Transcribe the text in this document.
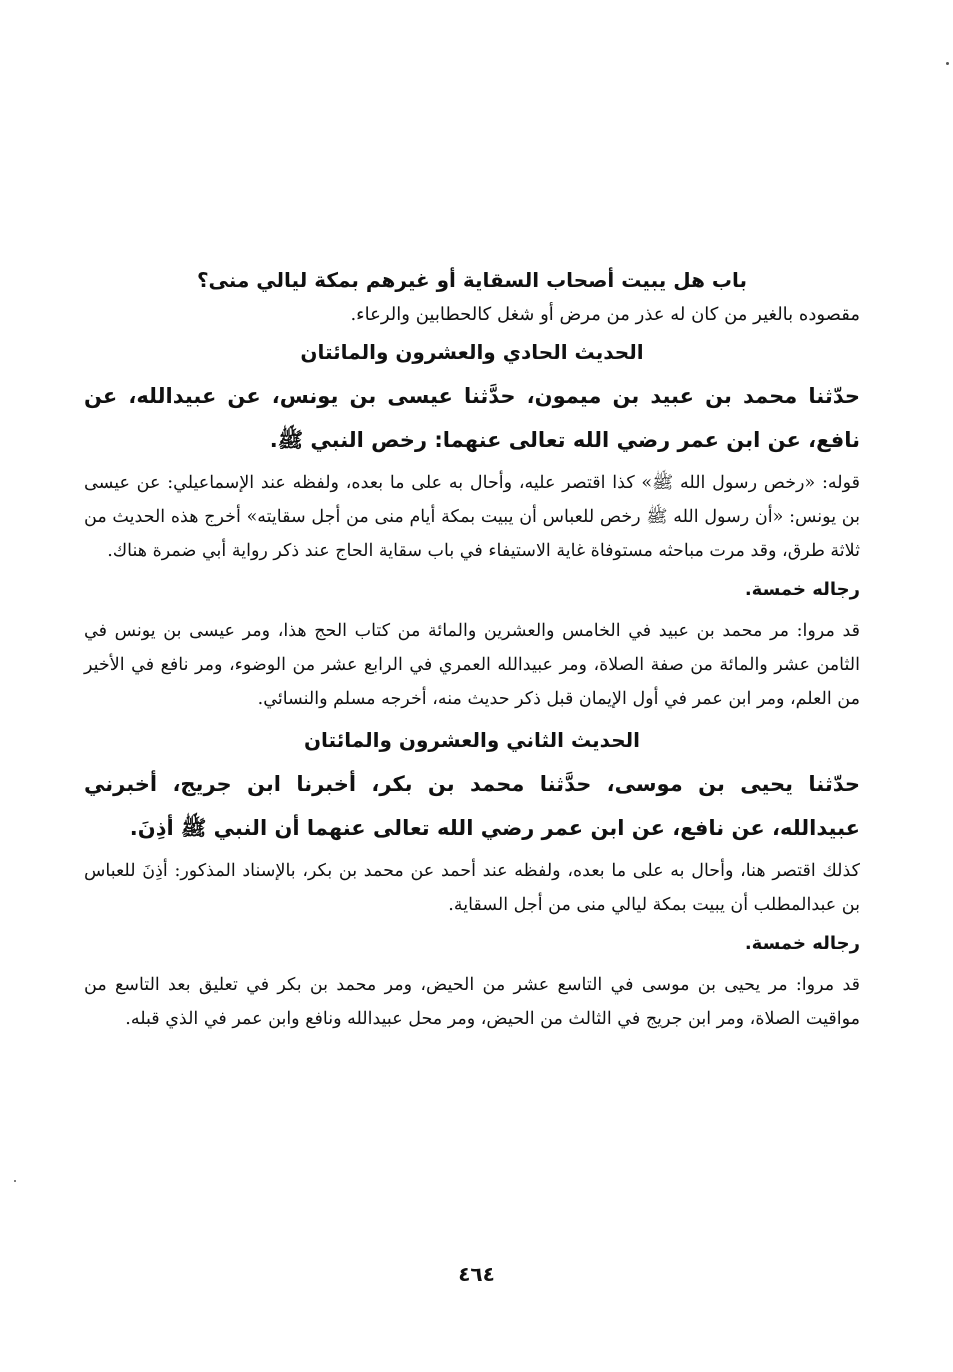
باب هل يبيت أصحاب السقاية أو غيرهم بمكة ليالي منى؟

مقصوده بالغير من كان له عذر من مرض أو شغل كالحطابين والرعاء.

الحديث الحادي والعشرون والمائتان

حدّثنا محمد بن عبيد بن ميمون، حدَّثنا عيسى بن يونس، عن عبيدالله، عن نافع، عن ابن عمر رضي الله تعالى عنهما: رخص النبي ﷺ.

قوله: «رخص رسول الله ﷺ» كذا اقتصر عليه، وأحال به على ما بعده، ولفظه عند الإسماعيلي: عن عيسى بن يونس: «أن رسول الله ﷺ رخص للعباس أن يبيت بمكة أيام منى من أجل سقايته» أخرج هذه الحديث من ثلاثة طرق، وقد مرت مباحثه مستوفاة غاية الاستيفاء في باب سقاية الحاج عند ذكر رواية أبي ضمرة هناك.

رجاله خمسة.

قد مروا: مر محمد بن عبيد في الخامس والعشرين والمائة من كتاب الحج هذا، ومر عيسى بن يونس في الثامن عشر والمائة من صفة الصلاة، ومر عبيدالله العمري في الرابع عشر من الوضوء، ومر نافع في الأخير من العلم، ومر ابن عمر في أول الإيمان قبل ذكر حديث منه، أخرجه مسلم والنسائي.

الحديث الثاني والعشرون والمائتان

حدّثنا يحيى بن موسى، حدَّثنا محمد بن بكر، أخبرنا ابن جريج، أخبرني عبيدالله، عن نافع، عن ابن عمر رضي الله تعالى عنهما أن النبي ﷺ أذِنَ.

كذلك اقتصر هنا، وأحال به على ما بعده، ولفظه عند أحمد عن محمد بن بكر، بالإسناد المذكور: أذِنَ للعباس بن عبدالمطلب أن يبيت بمكة ليالي منى من أجل السقاية.

رجاله خمسة.

قد مروا: مر يحيى بن موسى في التاسع عشر من الحيض، ومر محمد بن بكر في تعليق بعد التاسع من مواقيت الصلاة، ومر ابن جريج في الثالث من الحيض، ومر محل عبيدالله ونافع وابن عمر في الذي قبله.

٤٦٤
